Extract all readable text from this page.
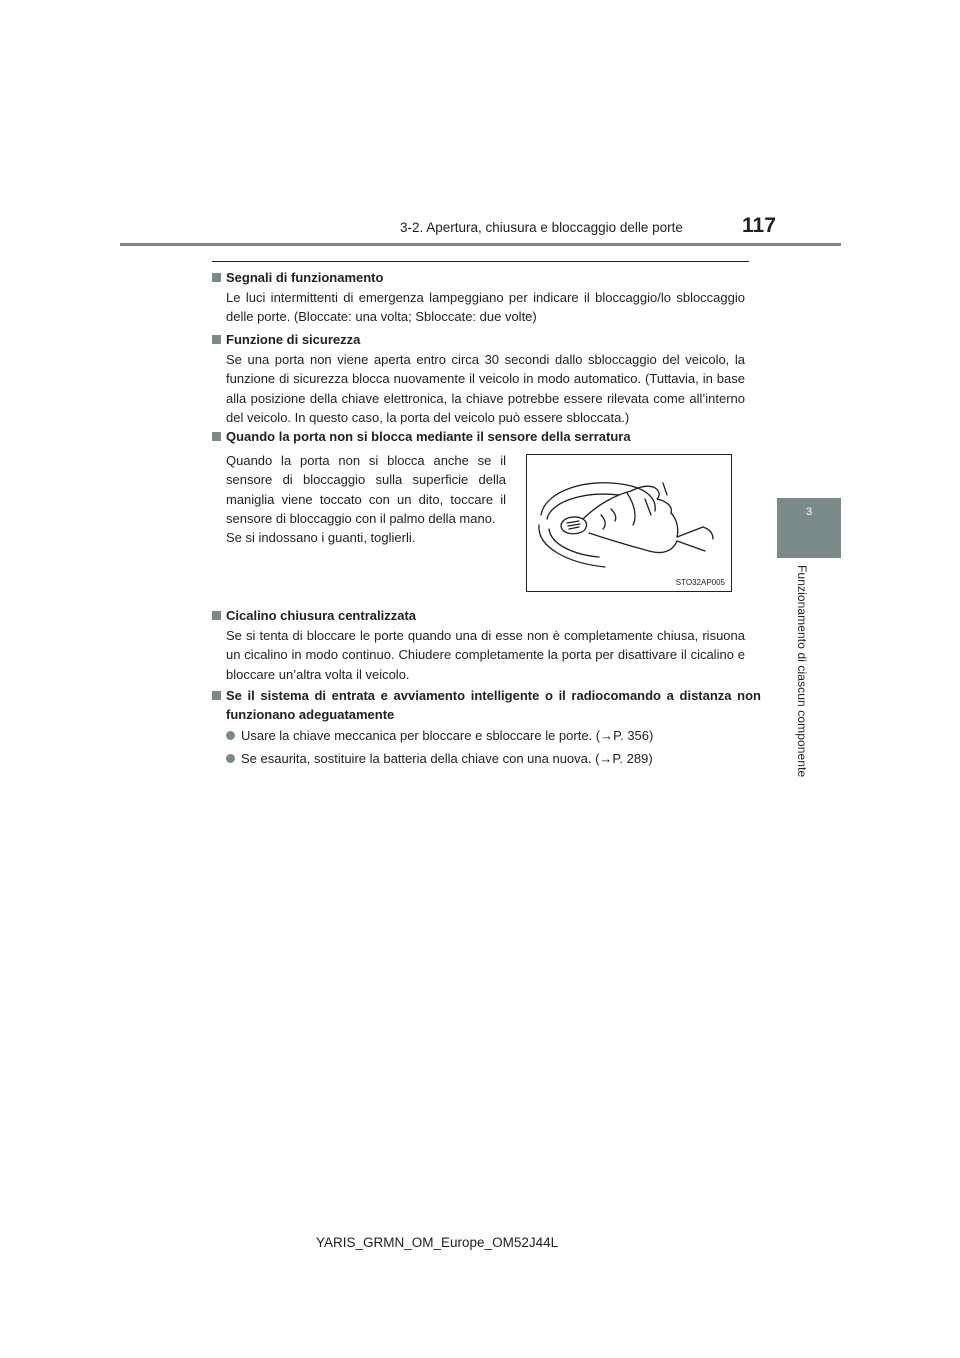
3-2. Apertura, chiusura e bloccaggio delle porte	117
3
Funzionamento di ciascun componente
Segnali di funzionamento
Le luci intermittenti di emergenza lampeggiano per indicare il bloccaggio/lo sbloccaggio delle porte. (Bloccate: una volta; Sbloccate: due volte)
Funzione di sicurezza
Se una porta non viene aperta entro circa 30 secondi dallo sbloccaggio del veicolo, la funzione di sicurezza blocca nuovamente il veicolo in modo automatico. (Tuttavia, in base alla posizione della chiave elettronica, la chiave potrebbe essere rilevata come all’interno del veicolo. In questo caso, la porta del veicolo può essere sbloccata.)
Quando la porta non si blocca mediante il sensore della serratura
Quando la porta non si blocca anche se il sensore di bloccaggio sulla superficie della maniglia viene toccato con un dito, toccare il sensore di bloccaggio con il palmo della mano.
Se si indossano i guanti, toglierli.
STO32AP005
Cicalino chiusura centralizzata
Se si tenta di bloccare le porte quando una di esse non è completamente chiusa, risuona un cicalino in modo continuo. Chiudere completamente la porta per disattivare il cicalino e bloccare un’altra volta il veicolo.
Se il sistema di entrata e avviamento intelligente o il radiocomando a distanza non funzionano adeguatamente
Usare la chiave meccanica per bloccare e sbloccare le porte. (→P. 356)
Se esaurita, sostituire la batteria della chiave con una nuova. (→P. 289)
YARIS_GRMN_OM_Europe_OM52J44L
